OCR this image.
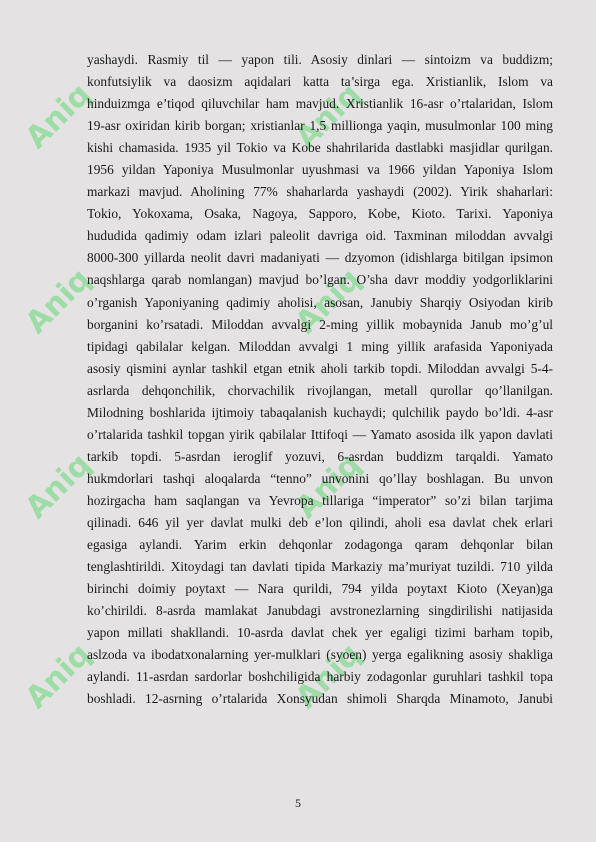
Aniq	Aniq
Aniq	Aniq
Aniq	Aniq
Aniq	Aniq
yashaydi. Rasmiy til — yapon tili. Asosiy dinlari — sintoizm va buddizm;
konfutsiylik va daosizm aqidalari katta ta’sirga ega. Xristianlik, Islom va
hinduizmga e’tiqod qiluvchilar ham mavjud. Xristianlik 16-asr o’rtalaridan, Islom
19-asr oxiridan kirib borgan; xristianlar 1,5 millionga yaqin, musulmonlar 100 ming
kishi chamasida. 1935 yil Tokio va Kobe shahrilarida dastlabki masjidlar qurilgan.
1956 yildan Yaponiya Musulmonlar uyushmasi va 1966 yildan Yaponiya Islom
markazi mavjud. Aholining 77% shaharlarda yashaydi (2002). Yirik shaharlari:
Tokio, Yokoxama, Osaka, Nagoya, Sapporo, Kobe, Kioto. Tarixi. Yaponiya
hududida qadimiy odam izlari paleolit davriga oid. Taxminan miloddan avvalgi
8000-300 yillarda neolit davri madaniyati — dzyomon (idishlarga bitilgan ipsimon
naqshlarga qarab nomlangan) mavjud bo’lgan. O’sha davr moddiy yodgorliklarini
o’rganish Yaponiyaning qadimiy aholisi, asosan, Janubiy Sharqiy Osiyodan kirib
borganini ko’rsatadi. Miloddan avvalgi 2-ming yillik mobaynida Janub mo’g’ul
tipidagi qabilalar kelgan. Miloddan avvalgi 1 ming yillik arafasida Yaponiyada
asosiy qismini aynlar tashkil etgan etnik aholi tarkib topdi. Miloddan avvalgi 5-4-
asrlarda dehqonchilik, chorvachilik rivojlangan, metall qurollar qo’llanilgan.
Milodning boshlarida ijtimoiy tabaqalanish kuchaydi; qulchilik paydo bo’ldi. 4-asr
o’rtalarida tashkil topgan yirik qabilalar Ittifoqi — Yamato asosida ilk yapon davlati
tarkib topdi. 5-asrdan ieroglif yozuvi, 6-asrdan buddizm tarqaldi. Yamato
hukmdorlari tashqi aloqalarda “tenno” unvonini qo’llay boshlagan. Bu unvon
hozirgacha ham saqlangan va Yevropa tillariga “imperator” so’zi bilan tarjima
qilinadi. 646 yil yer davlat mulki deb e’lon qilindi, aholi esa davlat chek erlari
egasiga aylandi. Yarim erkin dehqonlar zodagonga qaram dehqonlar bilan
tenglashtirildi. Xitoydagi tan davlati tipida Markaziy ma’muriyat tuzildi. 710 yilda
birinchi doimiy poytaxt — Nara qurildi, 794 yilda poytaxt Kioto (Xeyan)ga
ko’chirildi. 8-asrda mamlakat Janubdagi avstronezlarning singdirilishi natijasida
yapon millati shakllandi. 10-asrda davlat chek yer egaligi tizimi barham topib,
aslzoda va ibodatxonalarning yer-mulklari (syoen) yerga egalikning asosiy shakliga
aylandi. 11-asrdan sardorlar boshchiligida harbiy zodagonlar guruhlari tashkil topa
boshladi. 12-asrning o’rtalarida Xonsyudan shimoli Sharqda Minamoto, Janubi
5
